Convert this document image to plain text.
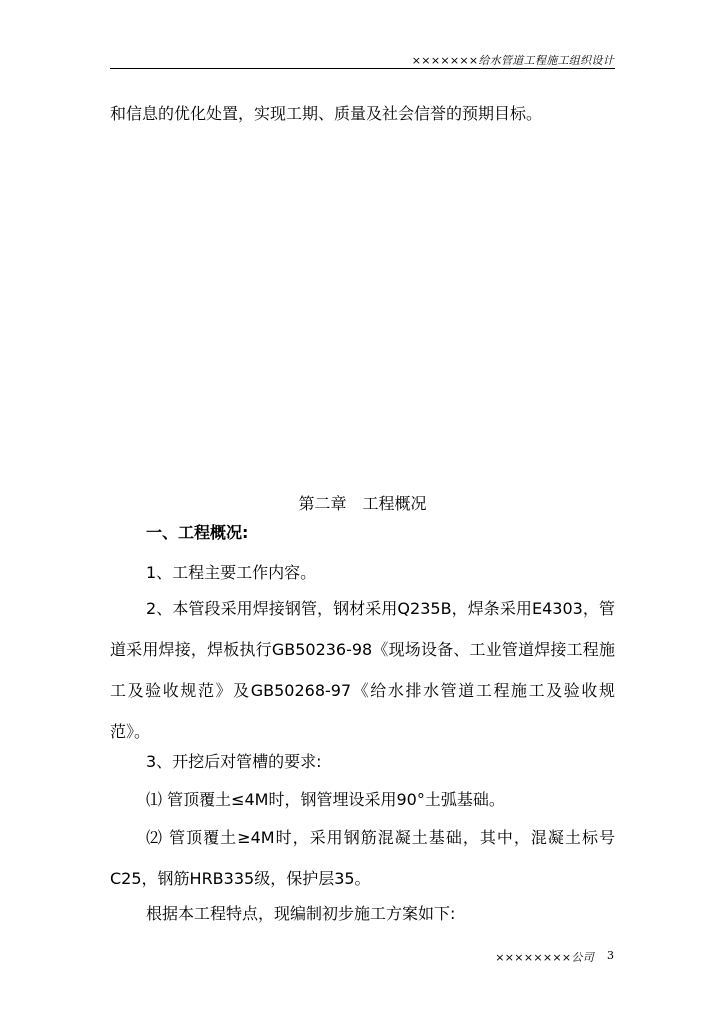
×××××××给水管道工程施工组织设计

和信息的优化处置，实现工期、质量及社会信誉的预期目标。

第二章　工程概况

一、工程概况:

1、工程主要工作内容。

2、本管段采用焊接钢管，钢材采用Q235B，焊条采用E4303，管道采用焊接，焊板执行GB50236-98《现场设备、工业管道焊接工程施工及验收规范》及GB50268-97《给水排水管道工程施工及验收规范》。

3、开挖后对管槽的要求:

⑴ 管顶覆土≤4M时，钢管埋设采用90°土弧基础。

⑵ 管顶覆土≥4M时，采用钢筋混凝土基础，其中，混凝土标号C25，钢筋HRB335级，保护层35。

根据本工程特点，现编制初步施工方案如下:

××××××××公司 3
